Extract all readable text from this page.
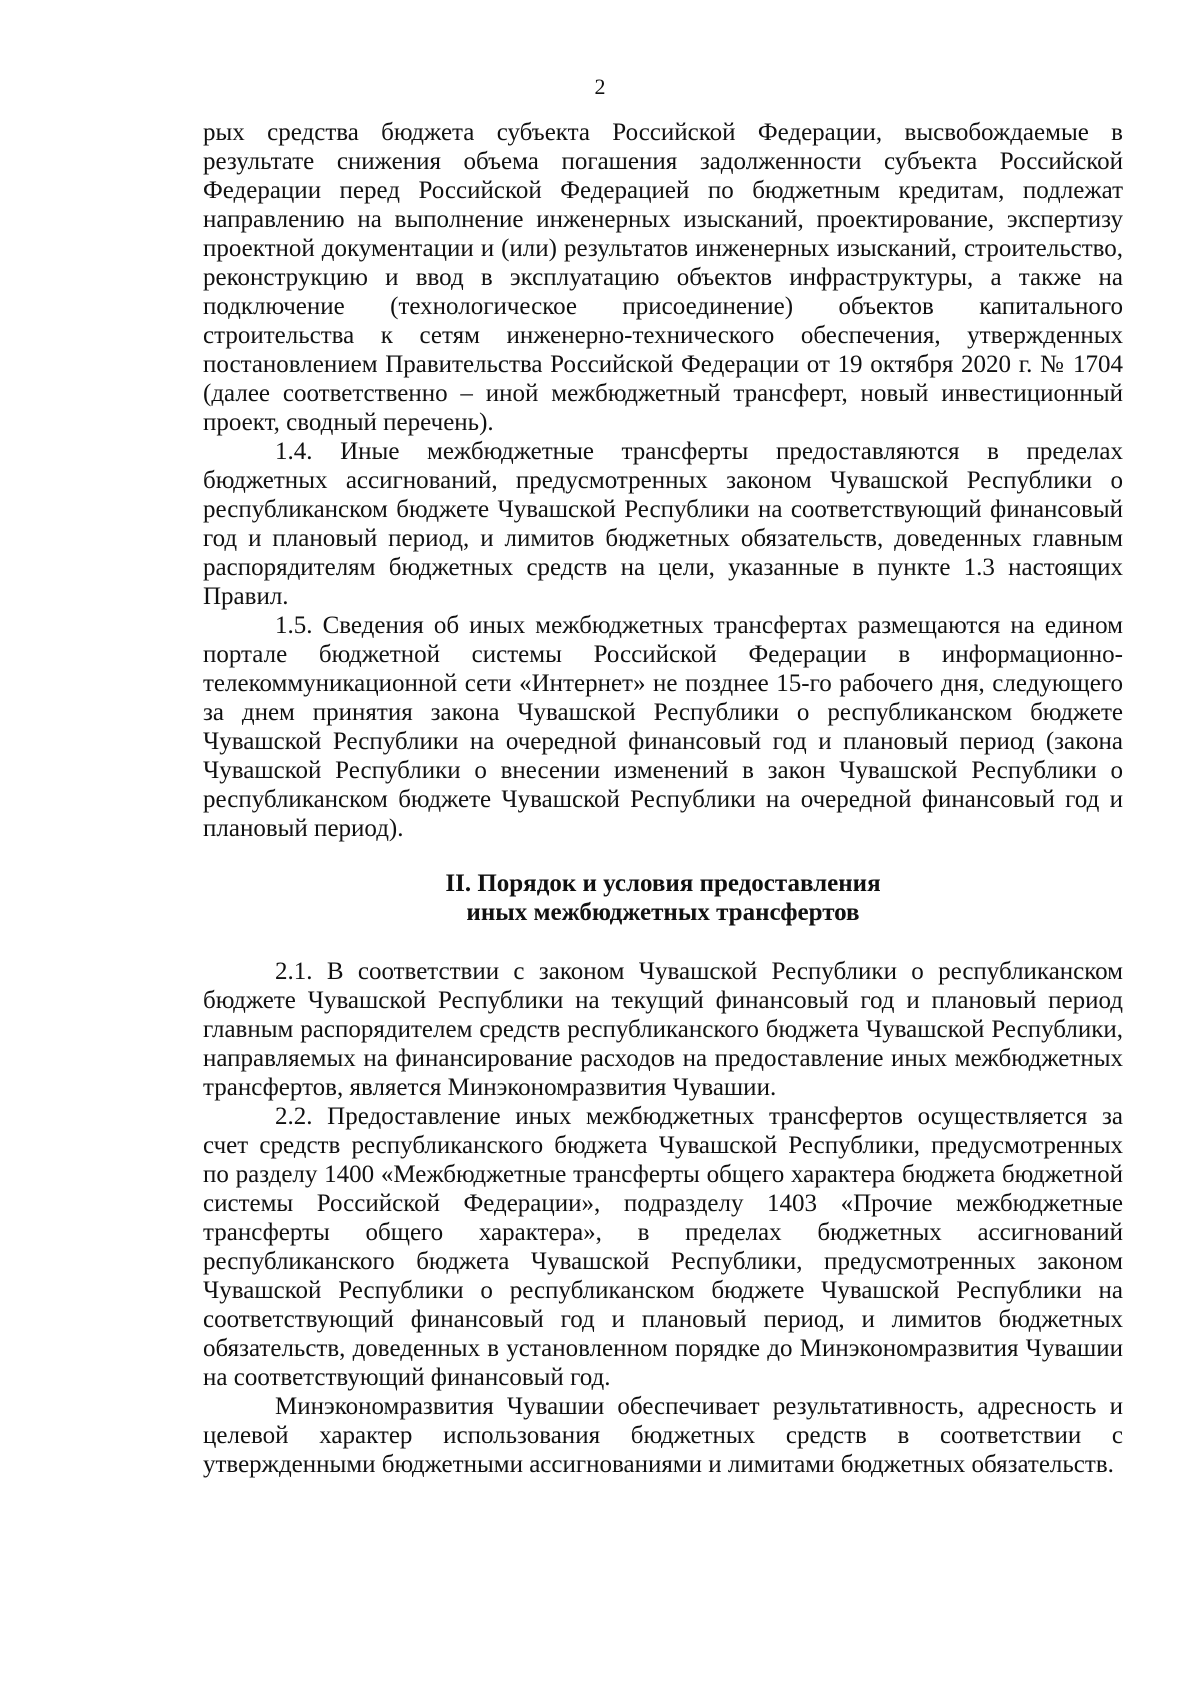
2

рых средства бюджета субъекта Российской Федерации, высвобождаемые в результате снижения объема погашения задолженности субъекта Российской Федерации перед Российской Федерацией по бюджетным кредитам, подлежат направлению на выполнение инженерных изысканий, проектирование, экспертизу проектной документации и (или) результатов инженерных изысканий, строительство, реконструкцию и ввод в эксплуатацию объектов инфраструктуры, а также на подключение (технологическое присоединение) объектов капитального строительства к сетям инженерно-технического обеспечения, утвержденных постановлением Правительства Российской Федерации от 19 октября 2020 г. № 1704 (далее соответственно – иной межбюджетный трансферт, новый инвестиционный проект, сводный перечень).

1.4. Иные межбюджетные трансферты предоставляются в пределах бюджетных ассигнований, предусмотренных законом Чувашской Республики о республиканском бюджете Чувашской Республики на соответствующий финансовый год и плановый период, и лимитов бюджетных обязательств, доведенных главным распорядителям бюджетных средств на цели, указанные в пункте 1.3 настоящих Правил.

1.5. Сведения об иных межбюджетных трансфертах размещаются на едином портале бюджетной системы Российской Федерации в информационно-телекоммуникационной сети «Интернет» не позднее 15-го рабочего дня, следующего за днем принятия закона Чувашской Республики о республиканском бюджете Чувашской Республики на очередной финансовый год и плановый период (закона Чувашской Республики о внесении изменений в закон Чувашской Республики о республиканском бюджете Чувашской Республики на очередной финансовый год и плановый период).

II. Порядок и условия предоставления
иных межбюджетных трансфертов

2.1. В соответствии с законом Чувашской Республики о республиканском бюджете Чувашской Республики на текущий финансовый год и плановый период главным распорядителем средств республиканского бюджета Чувашской Республики, направляемых на финансирование расходов на предоставление иных межбюджетных трансфертов, является Минэкономразвития Чувашии.

2.2. Предоставление иных межбюджетных трансфертов осуществляется за счет средств республиканского бюджета Чувашской Республики, предусмотренных по разделу 1400 «Межбюджетные трансферты общего характера бюджета бюджетной системы Российской Федерации», подразделу 1403 «Прочие межбюджетные трансферты общего характера», в пределах бюджетных ассигнований республиканского бюджета Чувашской Республики, предусмотренных законом Чувашской Республики о республиканском бюджете Чувашской Республики на соответствующий финансовый год и плановый период, и лимитов бюджетных обязательств, доведенных в установленном порядке до Минэкономразвития Чувашии на соответствующий финансовый год.

Минэкономразвития Чувашии обеспечивает результативность, адресность и целевой характер использования бюджетных средств в соответствии с утвержденными бюджетными ассигнованиями и лимитами бюджетных обязательств.
